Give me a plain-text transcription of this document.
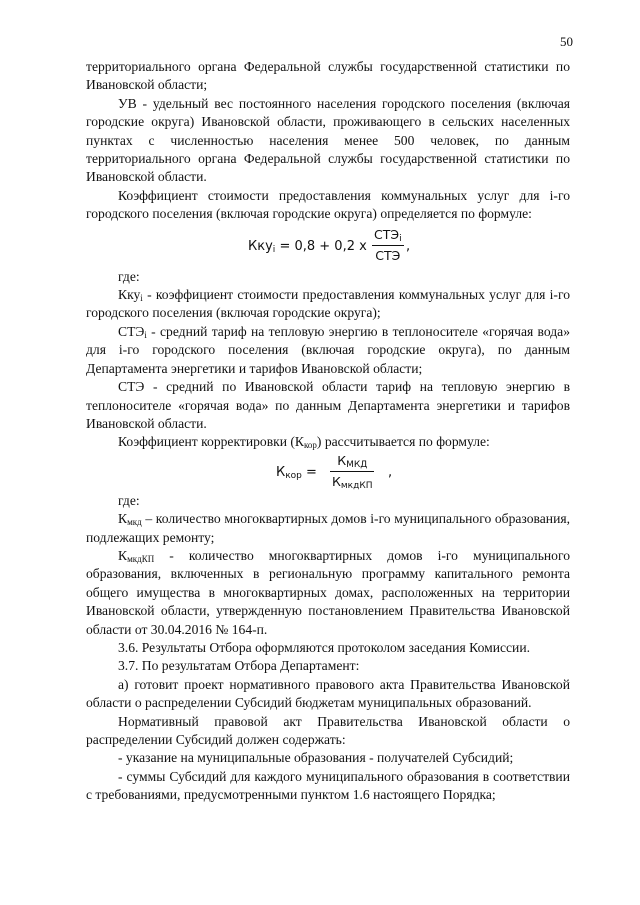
50

территориального органа Федеральной службы государственной статистики по Ивановской области;

УВ - удельный вес постоянного населения городского поселения (включая городские округа) Ивановской области, проживающего в сельских населенных пунктах с численностью населения менее 500 человек, по данным территориального органа Федеральной службы государственной статистики по Ивановской области.

Коэффициент стоимости предоставления коммунальных услуг для i-го городского поселения (включая городские округа) определяется по формуле:

Кку$_i$ = 0,8 + 0,2 x
$СТЭ_i$
СТЭ
,

где:

Кку$_i$ - коэффициент стоимости предоставления коммунальных услуг для i-го городского поселения (включая городские округа);

$СТЭ_i$ - средний тариф на тепловую энергию в теплоносителе «горячая вода» для i-го городского поселения (включая городские округа), по данным Департамента энергетики и тарифов Ивановской области;

СТЭ - средний по Ивановской области тариф на тепловую энергию в теплоносителе «горячая вода» по данным Департамента энергетики и тарифов Ивановской области.

Коэффициент корректировки $(К_{кор})$ рассчитывается по формуле:

$К_{кор}$ =
$К_{МКД}$
$К_{мкдКП}$
,

где:

$К_{мкд}$ – количество многоквартирных домов i-го муниципального образования, подлежащих ремонту;

$К_{мкдКП}$ - количество многоквартирных домов i-го муниципального образования, включенных в региональную программу капитального ремонта общего имущества в многоквартирных домах, расположенных на территории Ивановской области, утвержденную постановлением Правительства Ивановской области от 30.04.2016 № 164-п.

3.6. Результаты Отбора оформляются протоколом заседания Комиссии.

3.7. По результатам Отбора Департамент:

а) готовит проект нормативного правового акта Правительства Ивановской области о распределении Субсидий бюджетам муниципальных образований.

Нормативный правовой акт Правительства Ивановской области о распределении Субсидий должен содержать:

- указание на муниципальные образования - получателей Субсидий;

- суммы Субсидий для каждого муниципального образования в соответствии с требованиями, предусмотренными пунктом 1.6 настоящего Порядка;
